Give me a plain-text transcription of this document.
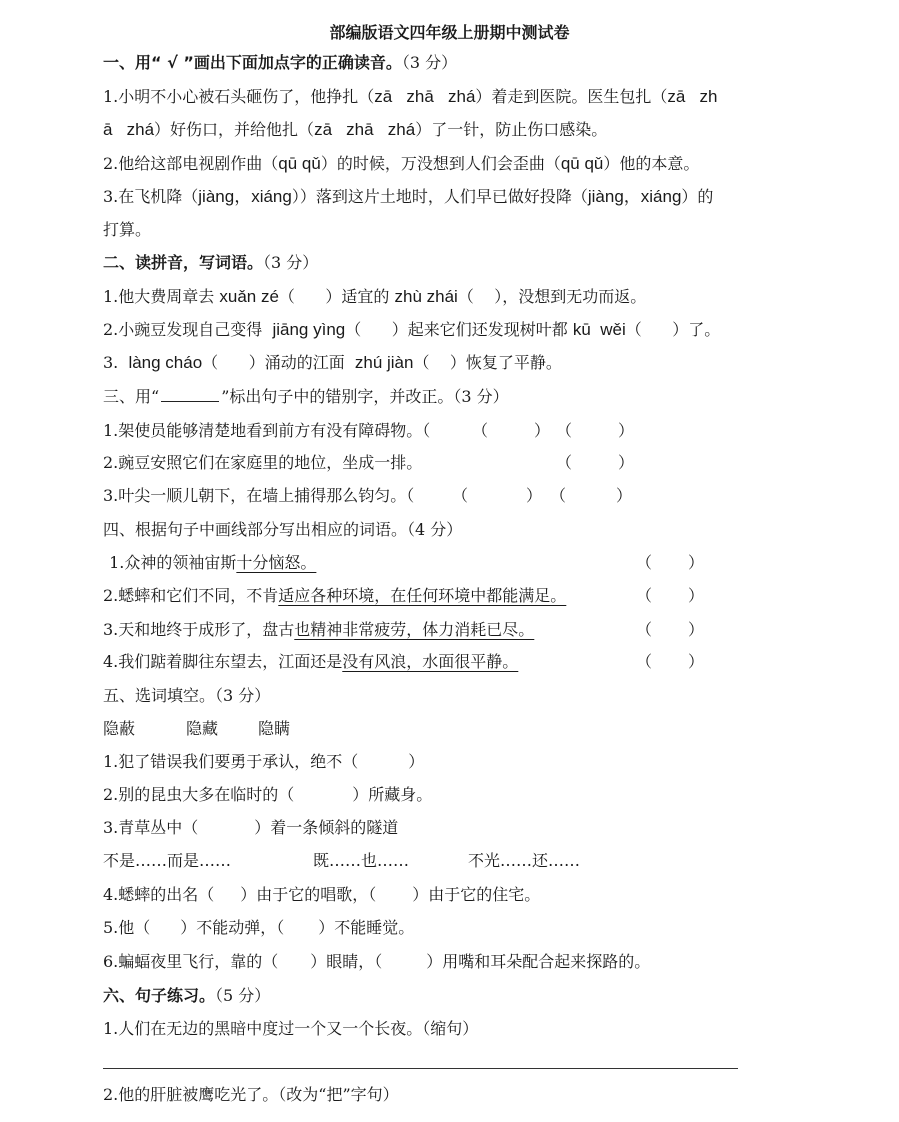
部编版语文四年级上册期中测试卷
一、用“ √ ”画出下面加点字的正确读音。（3 分）
1.小明不小心被石头砸伤了，他挣扎（zā   zhā   zhá）着走到医院。医生包扎（zā   zh
ā   zhá）好伤口，并给他扎（zā   zhā   zhá）了一针，防止伤口感染。
2.他给这部电视剧作曲（qū qǔ）的时候，万没想到人们会歪曲（qū qǔ）他的本意。
3.在飞机降（jiàng，xiáng））落到这片土地时，人们早已做好投降（jiàng，xiáng）的
打算。
二、读拼音，写词语。（3 分）
1.他大费周章去 xuǎn zé（      ）适宜的 zhù zhái（    ），没想到无功而返。
2.小豌豆发现自己变得  jiāng yìng（      ）起来它们还发现树叶都 kū  wěi（      ）了。
3.  làng cháo（      ）涌动的江面  zhú jiàn（    ）恢复了平静。
三、用“	”标出句子中的错别字，并改正。（3 分）
1.架使员能够清楚地看到前方有没有障碍物。（	（	） （	）
2.豌豆安照它们在家庭里的地位，坐成一排。	（	）
3.叶尖一顺儿朝下，在墙上捕得那么钧匀。（ （	） （	）
四、根据句子中画线部分写出相应的词语。（4 分）
1.众神的领袖宙斯十分恼怒。	（ ）
2.蟋蟀和它们不同，不肯适应各种环境，在任何环境中都能满足。	（ ）
3.天和地终于成形了，盘古也精神非常疲劳，体力消耗已尽。	（ ）
4.我们踮着脚往东望去，江面还是没有风浪，水面很平静。	（ ）
五、选词填空。（3 分）
隐蔽	隐藏 隐瞒
1.犯了错误我们要勇于承认，绝不（	）
2.别的昆虫大多在临时的（	）所藏身。
3.青草丛中（	）着一条倾斜的隧道
不是……而是……	既……也……	不光……还……
4.蟋蟀的出名（ ）由于它的唱歌，（ ）由于它的住宅。
5.他（ ）不能动弹，（ ）不能睡觉。
6.蝙蝠夜里飞行，靠的（ ）眼睛，（	）用嘴和耳朵配合起来探路的。
六、句子练习。（5 分）
1.人们在无边的黑暗中度过一个又一个长夜。（缩句）
2.他的肝脏被鹰吃光了。（改为“把”字句）
